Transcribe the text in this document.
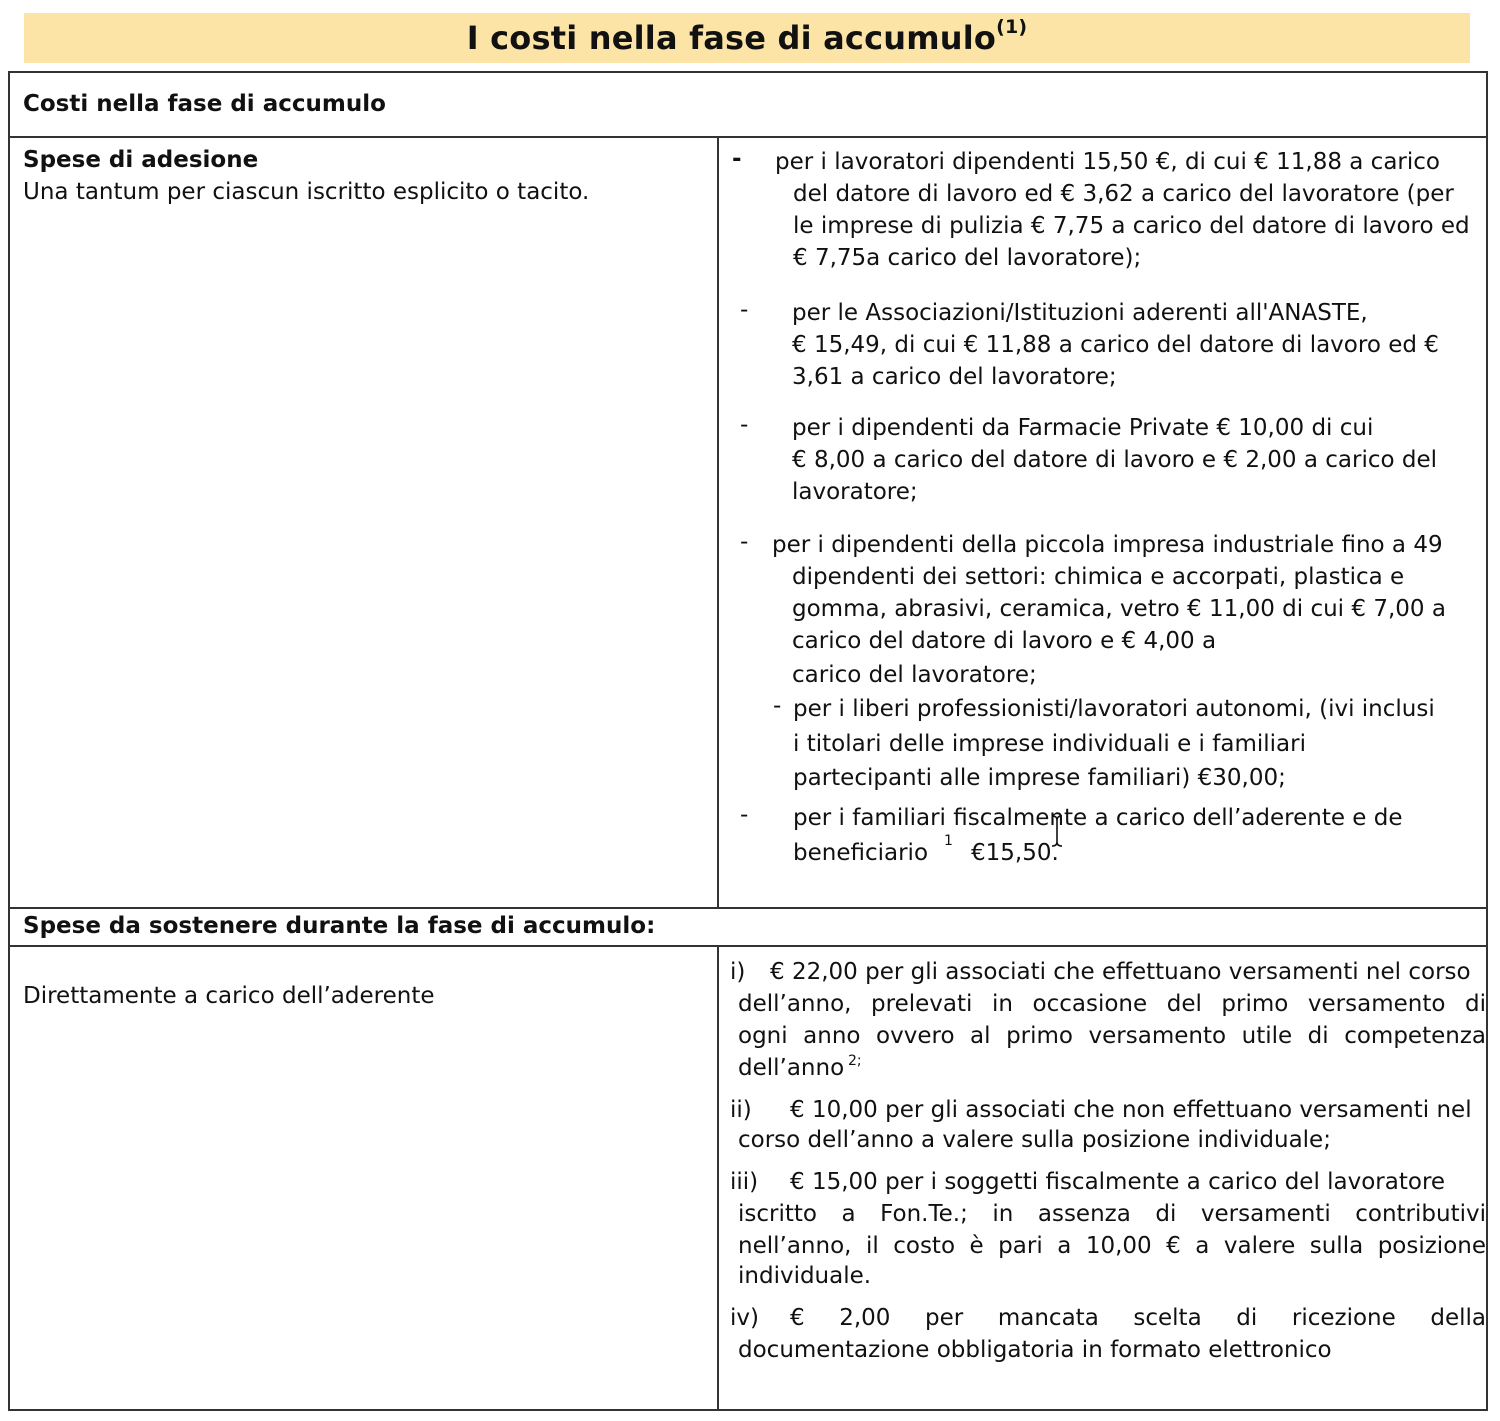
I costi nella fase di accumulo$^{(1)}$
Costi nella fase di accumulo
Spese di adesione
Una tantum per ciascun iscritto esplicito o tacito.
Spese da sostenere durante la fase di accumulo:
Direttamente a carico dell’aderente
- per i lavoratori dipendenti 15,50 €, di cui € 11,88 a carico
del datore di lavoro ed € 3,62 a carico del lavoratore (per
le imprese di pulizia € 7,75 a carico del datore di lavoro ed
€ 7,75a carico del lavoratore);
- per le Associazioni/Istituzioni aderenti all'ANASTE,
€ 15,49, di cui € 11,88 a carico del datore di lavoro ed €
3,61 a carico del lavoratore;
- per i dipendenti da Farmacie Private € 10,00 di cui
€ 8,00 a carico del datore di lavoro e € 2,00 a carico del
lavoratore;
- per i dipendenti della piccola impresa industriale fino a 49
dipendenti dei settori: chimica e accorpati, plastica e
gomma, abrasivi, ceramica, vetro € 11,00 di cui € 7,00 a
carico del datore di lavoro e € 4,00 a
carico del lavoratore;
- per i liberi professionisti/lavoratori autonomi, (ivi inclusi
i titolari delle imprese individuali e i familiari
partecipanti alle imprese familiari) €30,00;
- per i familiari fiscalmente a carico dell’aderente e de
beneficiario 1 €15,50.
i) € 22,00 per gli associati che effettuano versamenti nel corso
dell’anno, prelevati in occasione del primo versamento di
ogni anno ovvero al primo versamento utile di competenza
dell’anno 2;
ii) € 10,00 per gli associati che non effettuano versamenti nel
corso dell’anno a valere sulla posizione individuale;
iii) € 15,00 per i soggetti fiscalmente a carico del lavoratore
iscritto a Fon.Te.; in assenza di versamenti contributivi
nell’anno, il costo è pari a 10,00 € a valere sulla posizione
individuale.
iv) € 2,00 per mancata scelta di ricezione della
documentazione obbligatoria in formato elettronico
